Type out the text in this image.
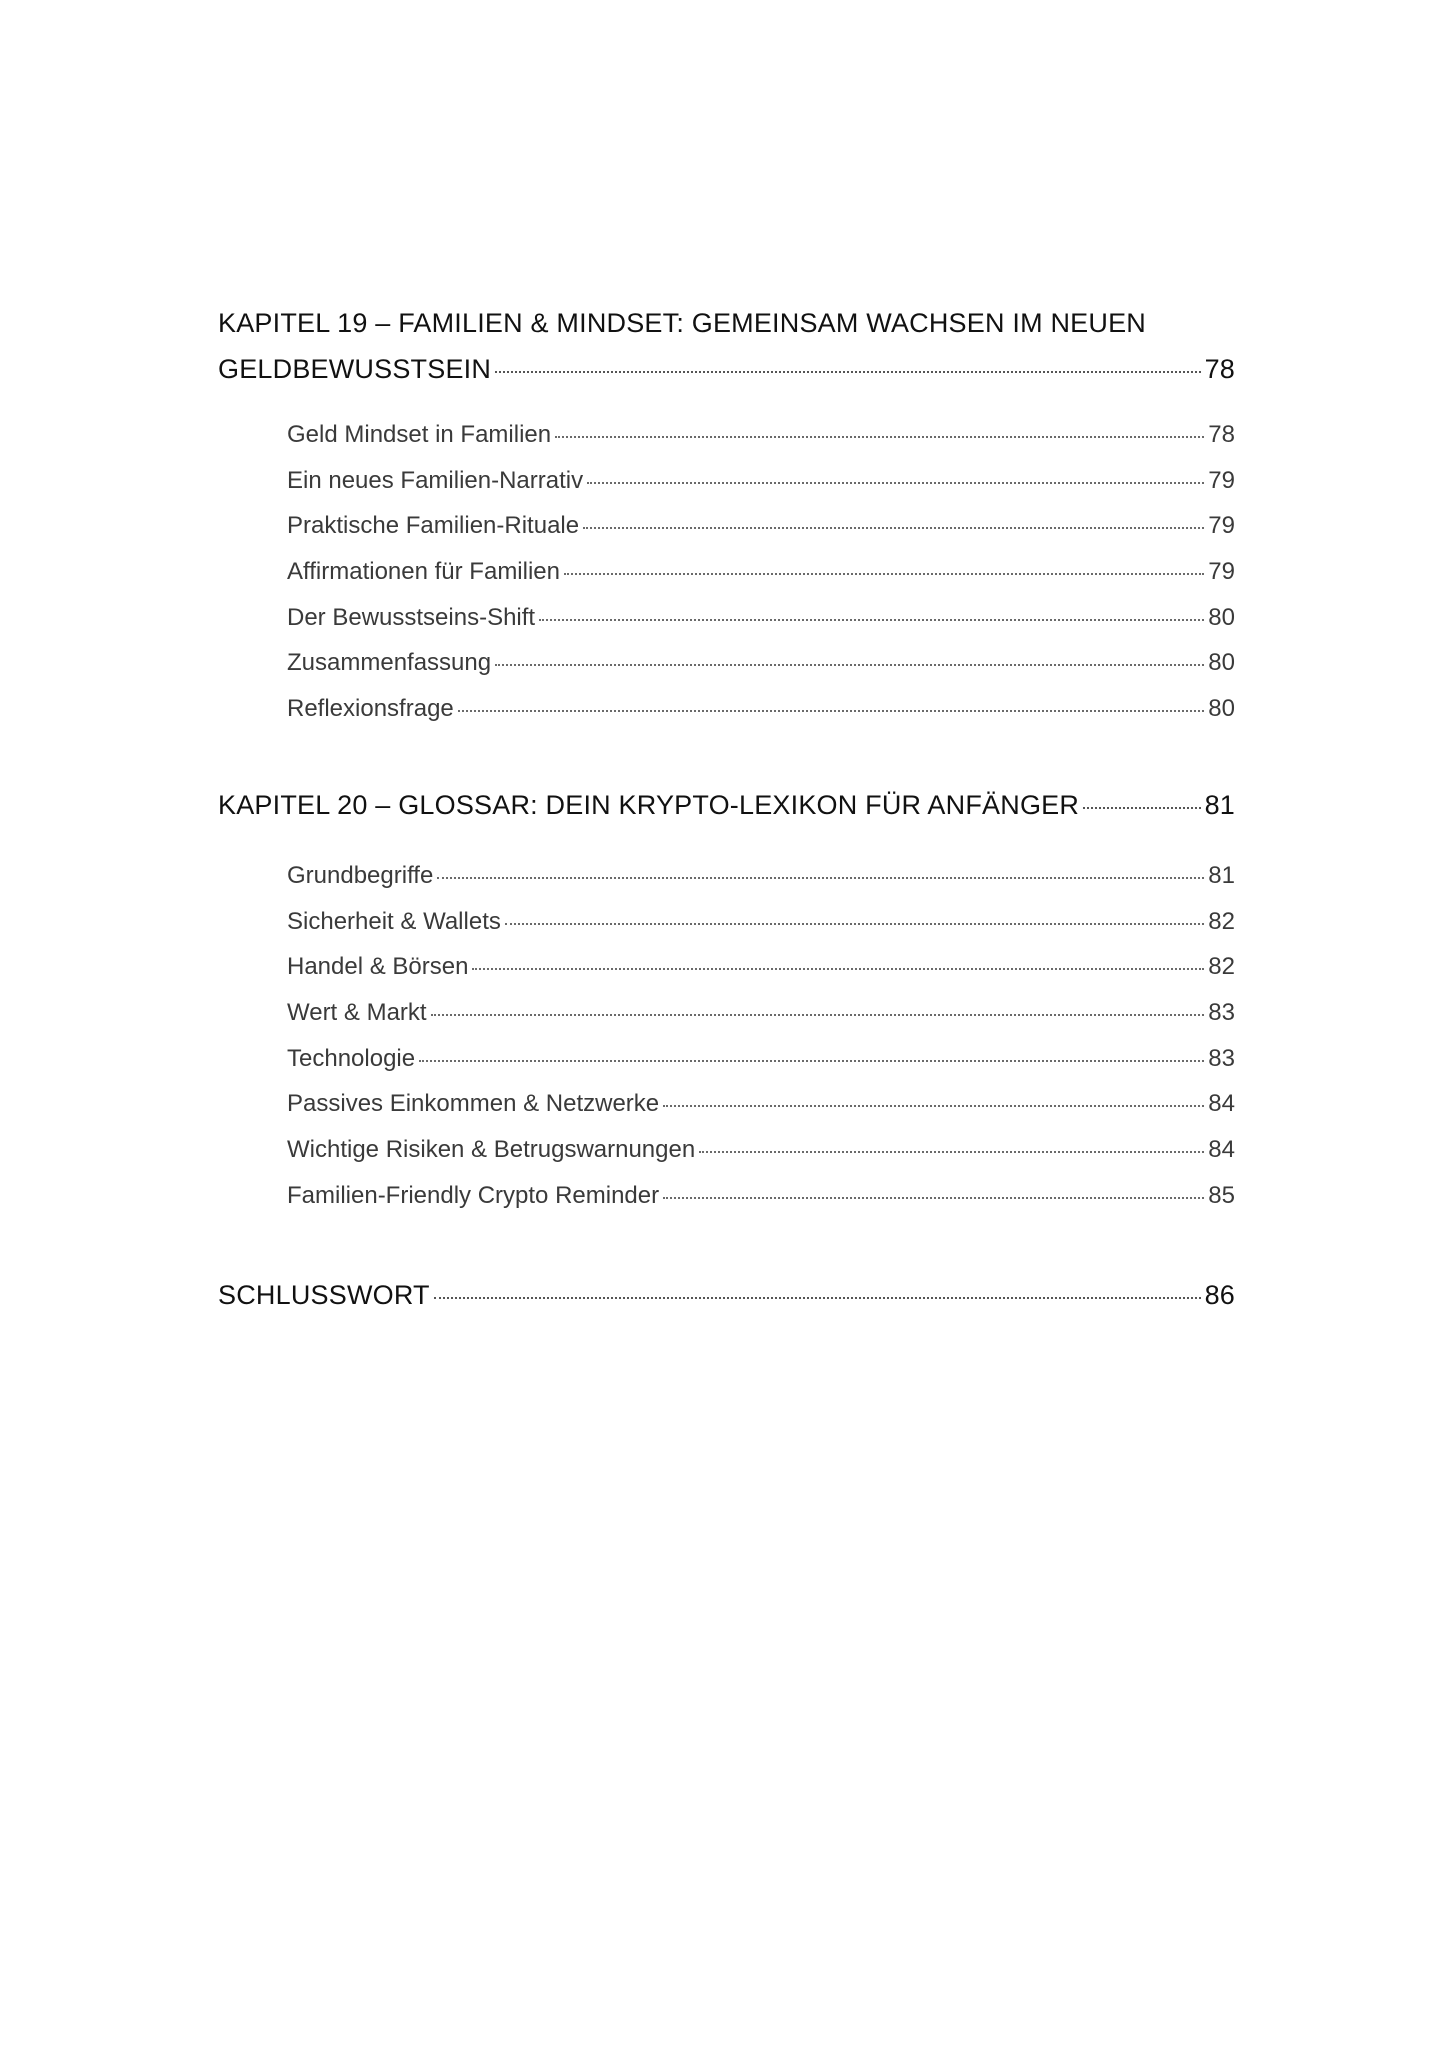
KAPITEL 19 – FAMILIEN & MINDSET: GEMEINSAM WACHSEN IM NEUEN
GELDBEWUSSTSEIN	78
Geld Mindset in Familien	78
Ein neues Familien-Narrativ	79
Praktische Familien-Rituale	79
Affirmationen für Familien	79
Der Bewusstseins-Shift	80
Zusammenfassung	80
Reflexionsfrage	80
KAPITEL 20 – GLOSSAR: DEIN KRYPTO-LEXIKON FÜR ANFÄNGER	81
Grundbegriffe	81
Sicherheit & Wallets	82
Handel & Börsen	82
Wert & Markt	83
Technologie	83
Passives Einkommen & Netzwerke	84
Wichtige Risiken & Betrugswarnungen	84
Familien-Friendly Crypto Reminder	85
SCHLUSSWORT	86
